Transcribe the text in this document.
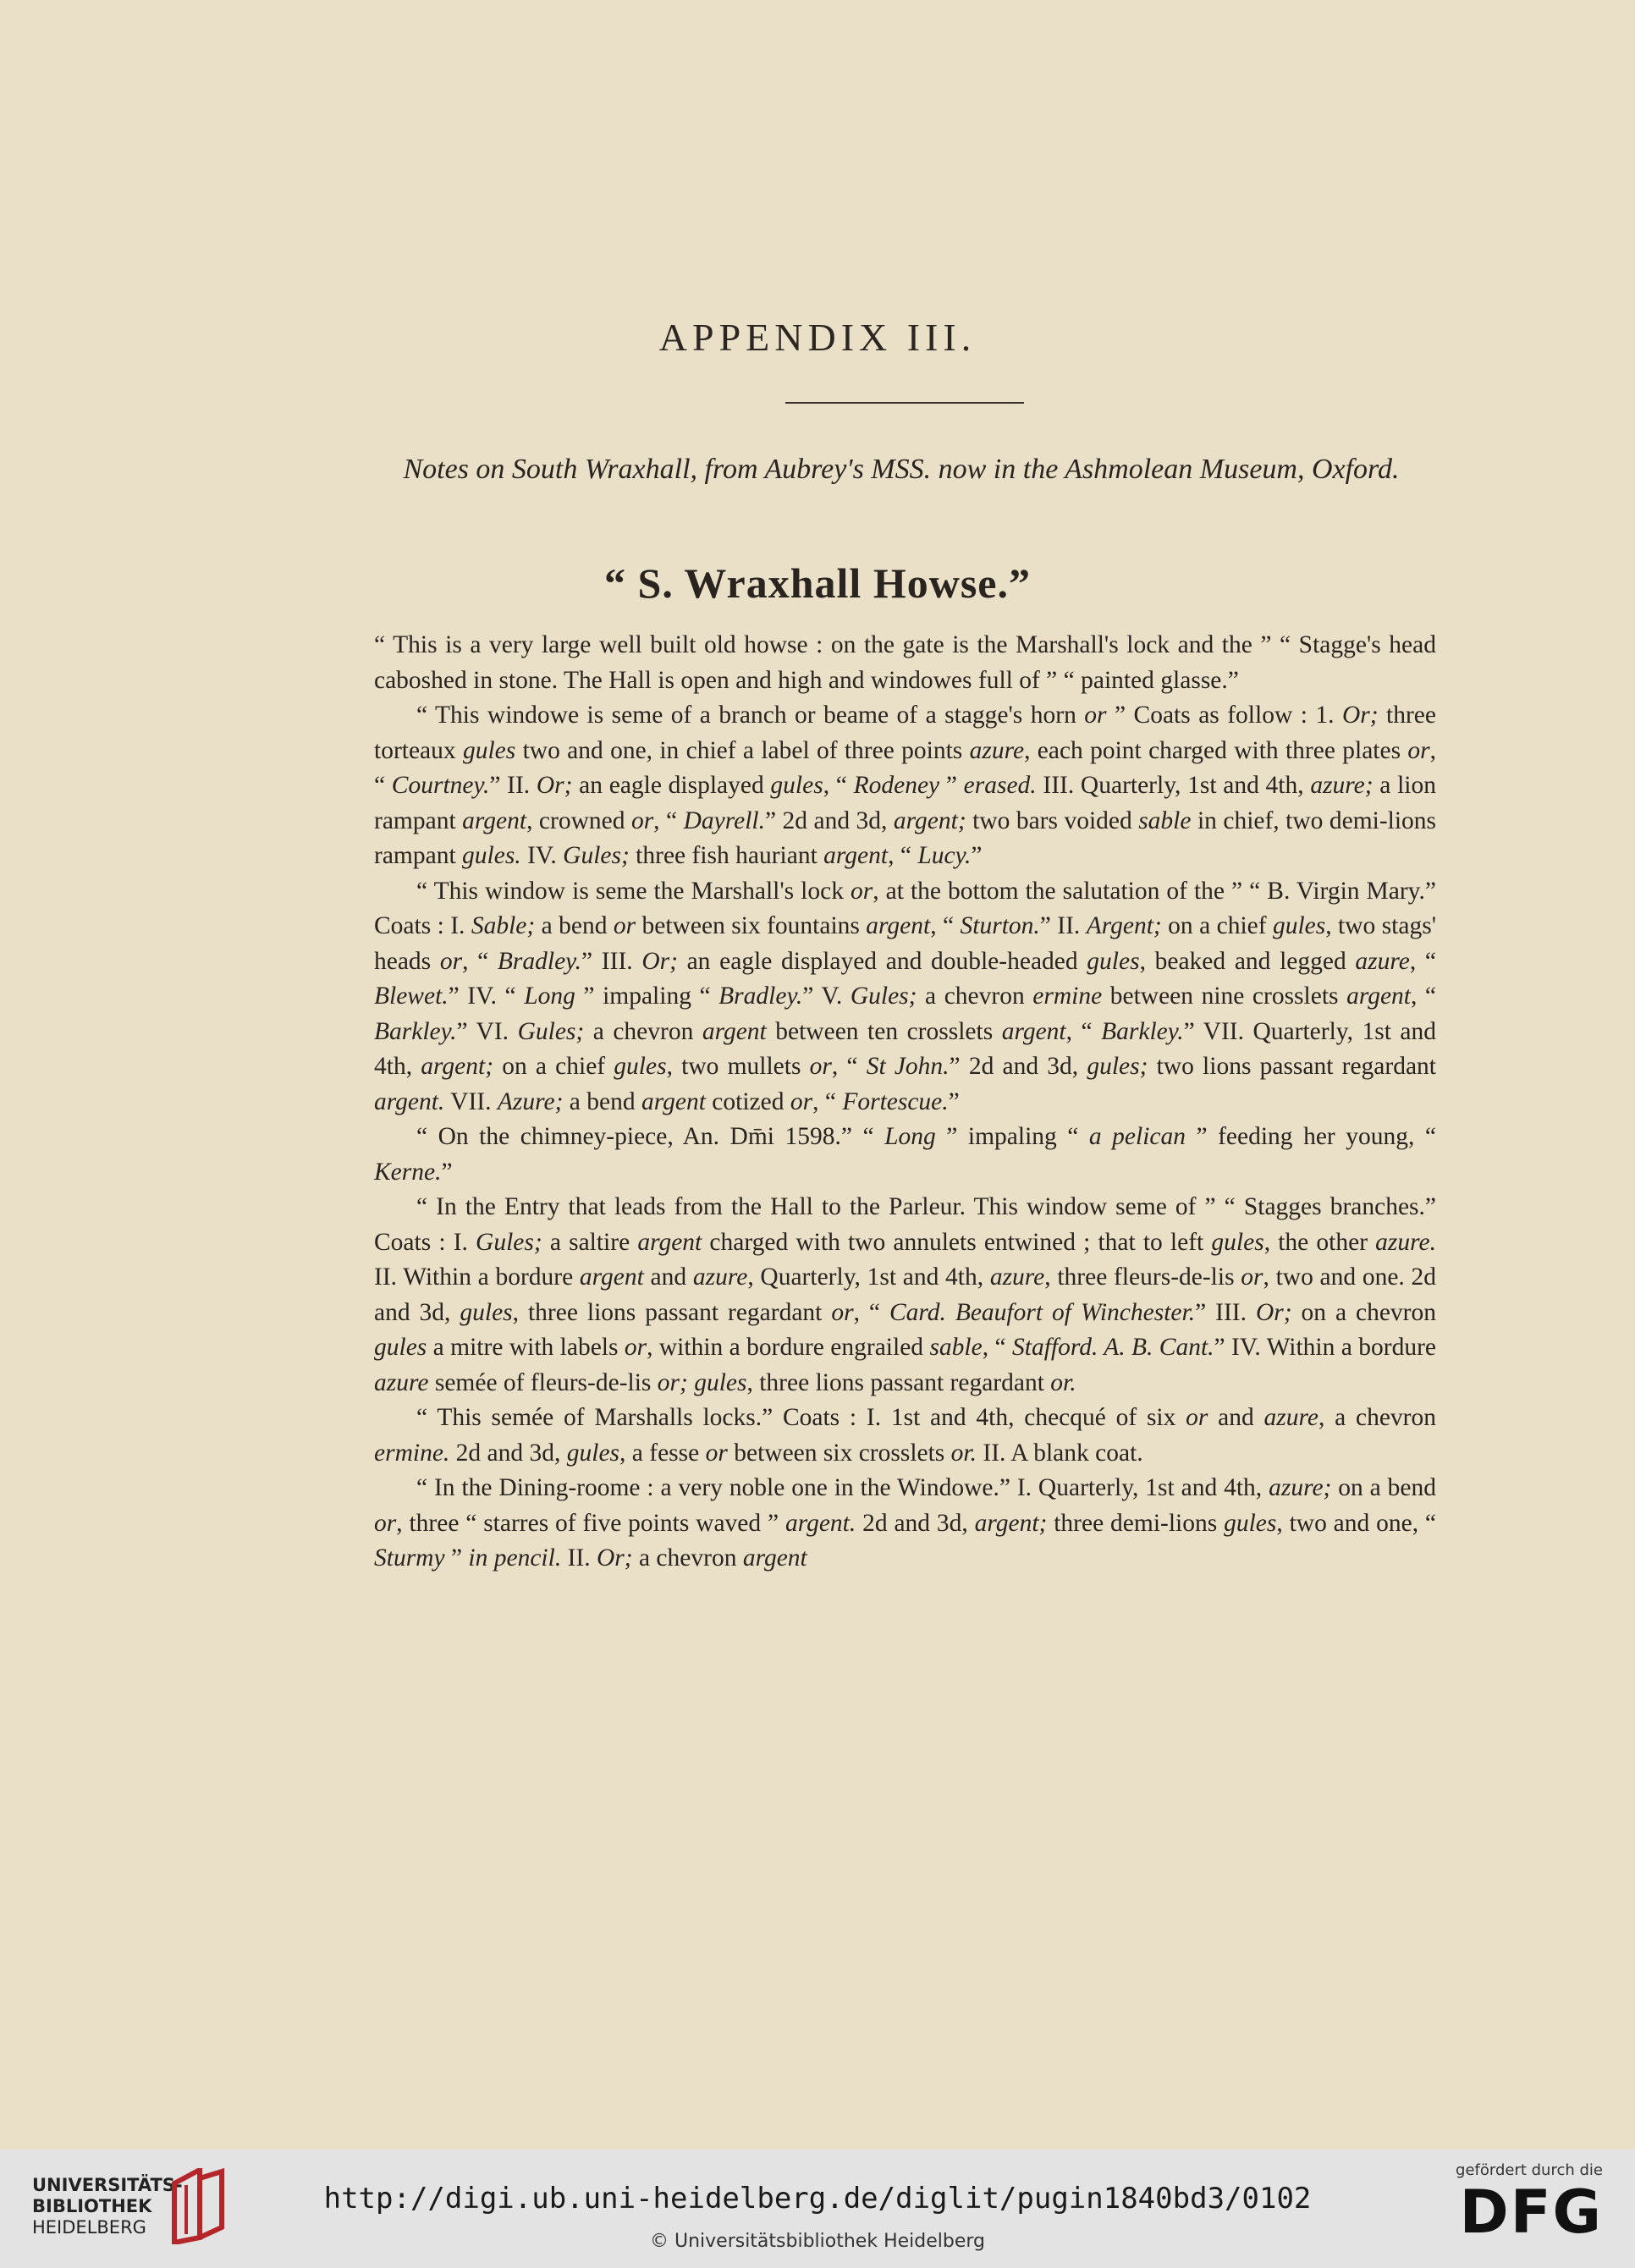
APPENDIX III.
Notes on South Wraxhall, from Aubrey's MSS. now in the Ashmolean Museum, Oxford.
“ S. Wraxhall Howse.”

“ This is a very large well built old howse : on the gate is the Marshall's lock and the ” “ Stagge's head caboshed in stone. The Hall is open and high and windowes full of ” “ painted glasse.”

“ This windowe is seme of a branch or beame of a stagge's horn or ” Coats as follow : 1. Or; three torteaux gules two and one, in chief a label of three points azure, each point charged with three plates or, “ Courtney.” II. Or; an eagle displayed gules, “ Rodeney ” erased. III. Quarterly, 1st and 4th, azure; a lion rampant argent, crowned or, “ Dayrell.” 2d and 3d, argent; two bars voided sable in chief, two demi-lions rampant gules. IV. Gules; three fish hauriant argent, “ Lucy.”

“ This window is seme the Marshall's lock or, at the bottom the salutation of the ” “ B. Virgin Mary.” Coats : I. Sable; a bend or between six fountains argent, “ Sturton.” II. Argent; on a chief gules, two stags' heads or, “ Bradley.” III. Or; an eagle displayed and double-headed gules, beaked and legged azure, “ Blewet.” IV. “ Long ” impaling “ Bradley.” V. Gules; a chevron ermine between nine crosslets argent, “ Barkley.” VI. Gules; a chevron argent between ten crosslets argent, “ Barkley.” VII. Quarterly, 1st and 4th, argent; on a chief gules, two mullets or, “ St John.” 2d and 3d, gules; two lions passant regardant argent. VII. Azure; a bend argent cotized or, “ Fortescue.”

“ On the chimney-piece, An. Dm̄i 1598.” “ Long ” impaling “ a pelican ” feeding her young, “ Kerne.”

“ In the Entry that leads from the Hall to the Parleur. This window seme of ” “ Stagges branches.” Coats : I. Gules; a saltire argent charged with two annulets entwined ; that to left gules, the other azure. II. Within a bordure argent and azure, Quarterly, 1st and 4th, azure, three fleurs-de-lis or, two and one. 2d and 3d, gules, three lions passant regardant or, “ Card. Beaufort of Winchester.” III. Or; on a chevron gules a mitre with labels or, within a bordure engrailed sable, “ Stafford. A. B. Cant.” IV. Within a bordure azure semée of fleurs-de-lis or; gules, three lions passant regardant or.

“ This semée of Marshalls locks.” Coats : I. 1st and 4th, checqué of six or and azure, a chevron ermine. 2d and 3d, gules, a fesse or between six crosslets or. II. A blank coat.

“ In the Dining-roome : a very noble one in the Windowe.” I. Quarterly, 1st and 4th, azure; on a bend or, three “ starres of five points waved ” argent. 2d and 3d, argent; three demi-lions gules, two and one, “ Sturmy ” in pencil. II. Or; a chevron argent

UNIVERSITÄTS-
BIBLIOTHEK
HEIDELBERG
http://digi.ub.uni-heidelberg.de/diglit/pugin1840bd3/0102
© Universitätsbibliothek Heidelberg
gefördert durch die
DFG
